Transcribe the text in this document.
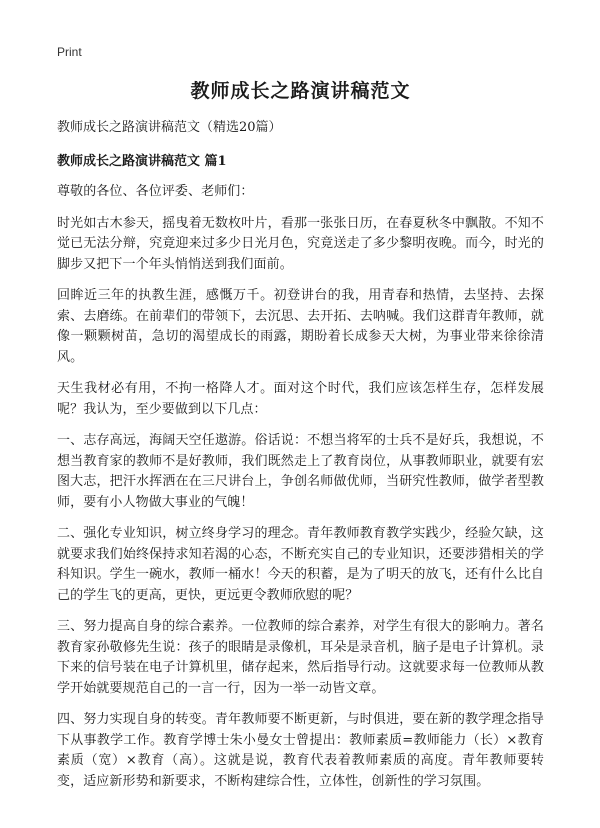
Print
教师成长之路演讲稿范文
教师成长之路演讲稿范文（精选20篇）
教师成长之路演讲稿范文 篇1

尊敬的各位、各位评委、老师们：

时光如古木参天，摇曳着无数枚叶片，看那一张张日历，在春夏秋冬中飘散。不知不觉已无法分辩，究竟迎来过多少日光月色，究竟送走了多少黎明夜晚。而今，时光的脚步又把下一个年头悄悄送到我们面前。

回眸近三年的执教生涯，感慨万千。初登讲台的我，用青春和热情，去坚持、去探索、去磨练。在前辈们的带领下，去沉思、去开拓、去呐喊。我们这群青年教师，就像一颗颗树苗，急切的渴望成长的雨露，期盼着长成参天大树，为事业带来徐徐清风。

天生我材必有用，不拘一格降人才。面对这个时代，我们应该怎样生存，怎样发展呢？我认为，至少要做到以下几点：

一、志存高远，海阔天空任遨游。俗话说：不想当将军的士兵不是好兵，我想说，不想当教育家的教师不是好教师，我们既然走上了教育岗位，从事教师职业，就要有宏图大志，把汗水挥洒在在三尺讲台上，争创名师做优师，当研究性教师，做学者型教师，要有小人物做大事业的气魄！

二、强化专业知识，树立终身学习的理念。青年教师教育教学实践少，经验欠缺，这就要求我们始终保持求知若渴的心态，不断充实自己的专业知识，还要涉猎相关的学科知识。学生一碗水，教师一桶水！今天的积蓄，是为了明天的放飞，还有什么比自己的学生飞的更高，更快，更远更令教师欣慰的呢？

三、努力提高自身的综合素养。一位教师的综合素养，对学生有很大的影响力。著名教育家孙敬修先生说：孩子的眼睛是录像机，耳朵是录音机，脑子是电子计算机。录下来的信号装在电子计算机里，储存起来，然后指导行动。这就要求每一位教师从教学开始就要规范自己的一言一行，因为一举一动皆文章。

四、努力实现自身的转变。青年教师要不断更新，与时俱进，要在新的教学理念指导下从事教学工作。教育学博士朱小曼女士曾提出：教师素质=教师能力（长）×教育素质（宽）×教育（高）。这就是说，教育代表着教师素质的高度。青年教师要转变，适应新形势和新要求，不断构建综合性，立体性，创新性的学习氛围。
